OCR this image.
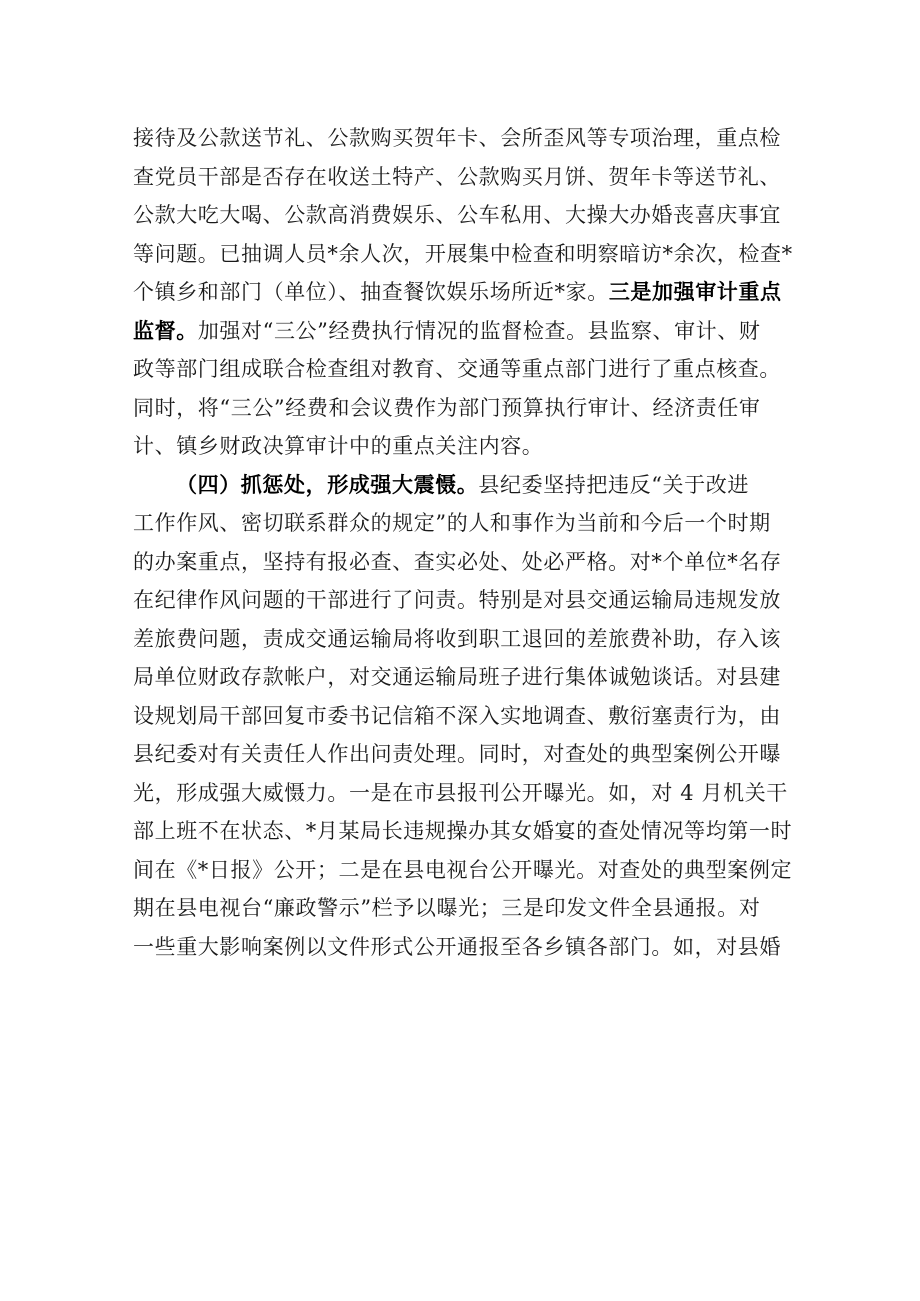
接待及公款送节礼、公款购买贺年卡、会所歪风等专项治理，重点检
查党员干部是否存在收送土特产、公款购买月饼、贺年卡等送节礼、
公款大吃大喝、公款高消费娱乐、公车私用、大操大办婚丧喜庆事宜
等问题。已抽调人员*余人次，开展集中检查和明察暗访*余次，检查*
个镇乡和部门（单位）、抽查餐饮娱乐场所近*家。三是加强审计重点
监督。加强对“三公”经费执行情况的监督检查。县监察、审计、财
政等部门组成联合检查组对教育、交通等重点部门进行了重点核查。
同时，将“三公”经费和会议费作为部门预算执行审计、经济责任审
计、镇乡财政决算审计中的重点关注内容。
（四）抓惩处，形成强大震慑。县纪委坚持把违反“关于改进
工作作风、密切联系群众的规定”的人和事作为当前和今后一个时期
的办案重点，坚持有报必查、查实必处、处必严格。对*个单位*名存
在纪律作风问题的干部进行了问责。特别是对县交通运输局违规发放
差旅费问题，责成交通运输局将收到职工退回的差旅费补助，存入该
局单位财政存款帐户，对交通运输局班子进行集体诚勉谈话。对县建
设规划局干部回复市委书记信箱不深入实地调查、敷衍塞责行为，由
县纪委对有关责任人作出问责处理。同时，对查处的典型案例公开曝
光，形成强大威慑力。一是在市县报刊公开曝光。如，对 4 月机关干
部上班不在状态、*月某局长违规操办其女婚宴的查处情况等均第一时
间在《*日报》公开；二是在县电视台公开曝光。对查处的典型案例定
期在县电视台“廉政警示”栏予以曝光；三是印发文件全县通报。对
一些重大影响案例以文件形式公开通报至各乡镇各部门。如，对县婚
